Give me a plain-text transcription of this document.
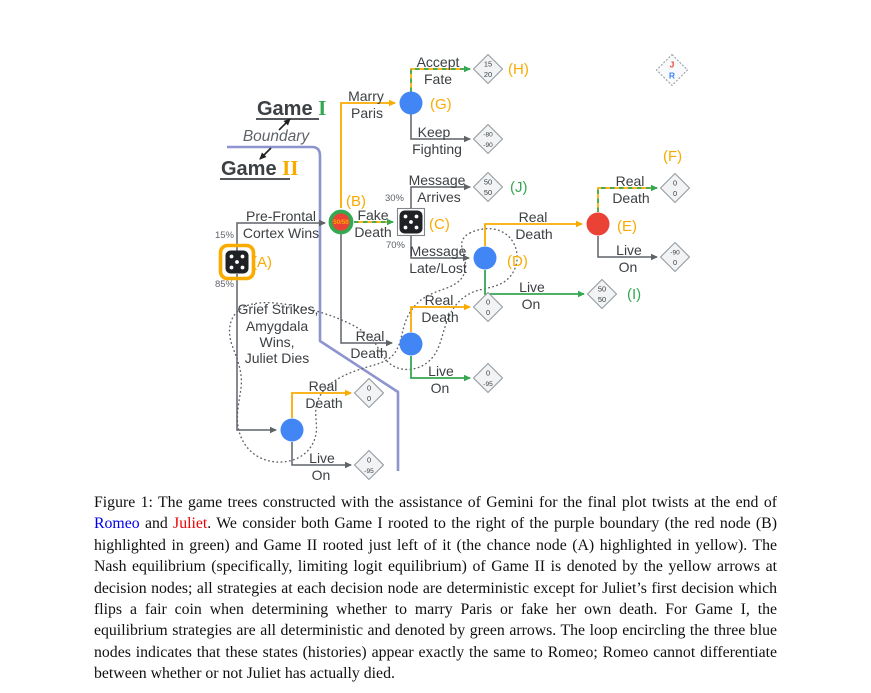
Pre-Frontal
Cortex Wins
15%
Grief Strikes,
Amygdala
Wins,
Juliet Dies
85%
Marry
Paris
Fake
Death
Accept
Fate
Keep
Fighting
Message
Arrives
30%
Message
Late/Lost
70%
Real
Death
Live
On
Real
Death
Live
On
Real
Death
Real
Death
Live
On
Real
Death
Live
On
15
20 (H)
-80
-90
50
50 (J)	0
0
(F)
-90
0
50
50 (I)
0
0
0
-95
0
0
0
-95
(A)
50/50
(B)
(C)
(G)
(D)
(E)
Game I
Boundary
Game II
J
R

Figure 1: The game trees constructed with the assistance of Gemini for the final plot twists at the end of Romeo and Juliet. We consider both Game I rooted to the right of the purple boundary (the red node (B) highlighted in green) and Game II rooted just left of it (the chance node (A) highlighted in yellow). The Nash equilibrium (specifically, limiting logit equilibrium) of Game II is denoted by the yellow arrows at decision nodes; all strategies at each decision node are deterministic except for Juliet’s first decision which flips a fair coin when determining whether to marry Paris or fake her own death. For Game I, the equilibrium strategies are all deterministic and denoted by green arrows. The loop encircling the three blue nodes indicates that these states (histories) appear exactly the same to Romeo; Romeo cannot differentiate between whether or not Juliet has actually died.
